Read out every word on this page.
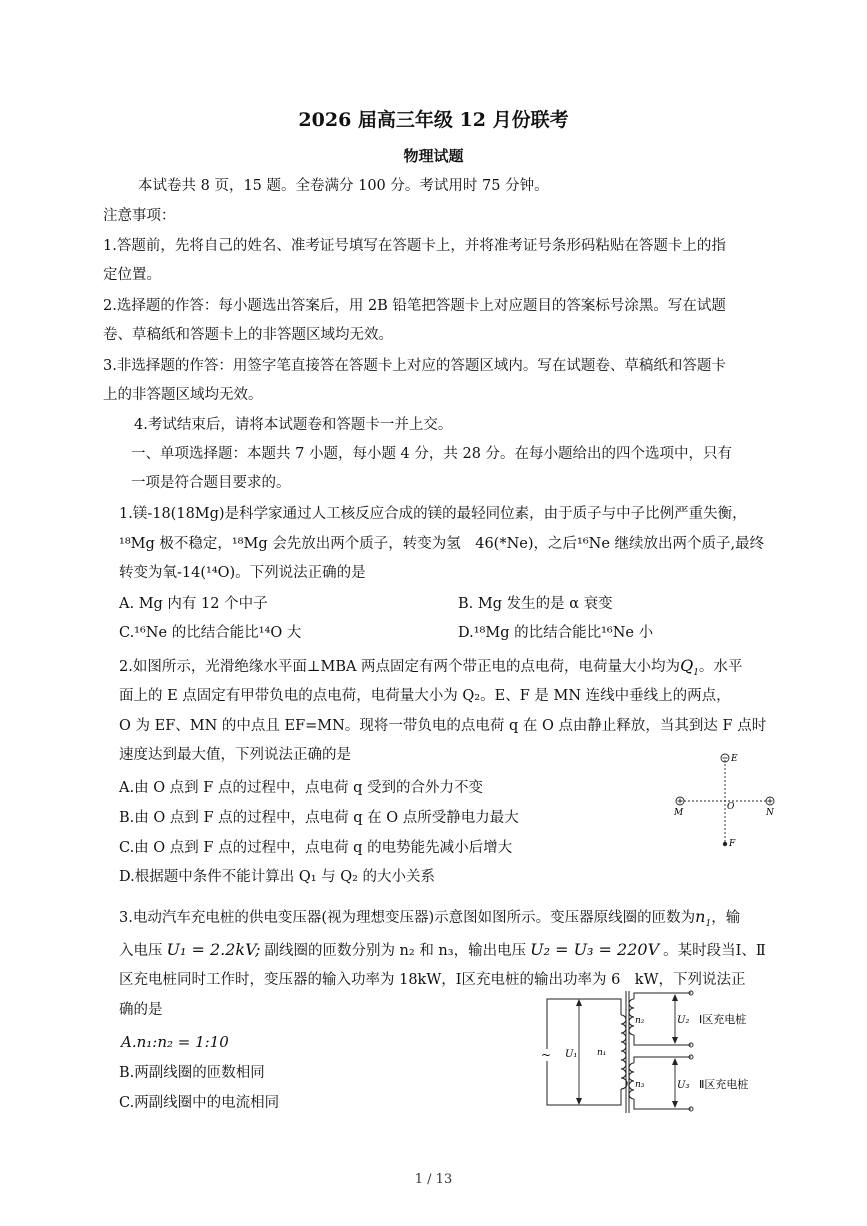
2026 届高三年级 12 月份联考
物理试题
本试卷共 8 页，15 题。全卷满分 100 分。考试用时 75 分钟。
注意事项：
1.答题前，先将自己的姓名、准考证号填写在答题卡上，并将准考证号条形码粘贴在答题卡上的指
定位置。
2.选择题的作答：每小题选出答案后，用 2B 铅笔把答题卡上对应题目的答案标号涂黑。写在试题
卷、草稿纸和答题卡上的非答题区域均无效。
3.非选择题的作答：用签字笔直接答在答题卡上对应的答题区域内。写在试题卷、草稿纸和答题卡
上的非答题区域均无效。
4.考试结束后，请将本试题卷和答题卡一并上交。
一、单项选择题：本题共 7 小题，每小题 4 分，共 28 分。在每小题给出的四个选项中，只有
一项是符合题目要求的。
1.镁-18(18Mg)是科学家通过人工核反应合成的镁的最轻同位素，由于质子与中子比例严重失衡，
¹⁸Mg 极不稳定，¹⁸Mg 会先放出两个质子，转变为氢　46(*Ne)，之后¹⁶Ne 继续放出两个质子,最终
转变为氧-14(¹⁴O)。下列说法正确的是
A. Mg 内有 12 个中子	B. Mg 发生的是 α 衰变
C.¹⁶Ne 的比结合能比¹⁴O 大	D.¹⁸Mg 的比结合能比¹⁶Ne 小
2.如图所示，光滑绝缘水平面⊥MBA 两点固定有两个带正电的点电荷，电荷量大小均为$Q_1$。水平
面上的 E 点固定有甲带负电的点电荷，电荷量大小为 Q₂。E、F 是 MN 连线中垂线上的两点，
O 为 EF、MN 的中点且 EF=MN。现将一带负电的点电荷 q 在 O 点由静止释放，当其到达 F 点时
速度达到最大值，下列说法正确的是
A.由 O 点到 F 点的过程中，点电荷 q 受到的合外力不变
B.由 O 点到 F 点的过程中，点电荷 q 在 O 点所受静电力最大
C.由 O 点到 F 点的过程中，点电荷 q 的电势能先减小后增大
D.根据题中条件不能计算出 Q₁ 与 Q₂ 的大小关系
E
M
O
N
F
3.电动汽车充电桩的供电变压器(视为理想变压器)示意图如图所示。变压器原线圈的匝数为$n_1$，输
入电压 U₁ = 2.2kV; 副线圈的匝数分别为 n₂ 和 n₃，输出电压 U₂ = U₃ = 220V 。某时段当Ⅰ、Ⅱ
区充电桩同时工作时，变压器的输入功率为 18kW，Ⅰ区充电桩的输出功率为 6　kW，下列说法正
确的是
A.n₁:n₂ = 1:10
B.两副线圈的匝数相同
C.两副线圈中的电流相同
~ U₁ n₁
n₂	U₂ Ⅰ区充电桩
n₃	U₃ Ⅱ区充电桩
1 / 13
